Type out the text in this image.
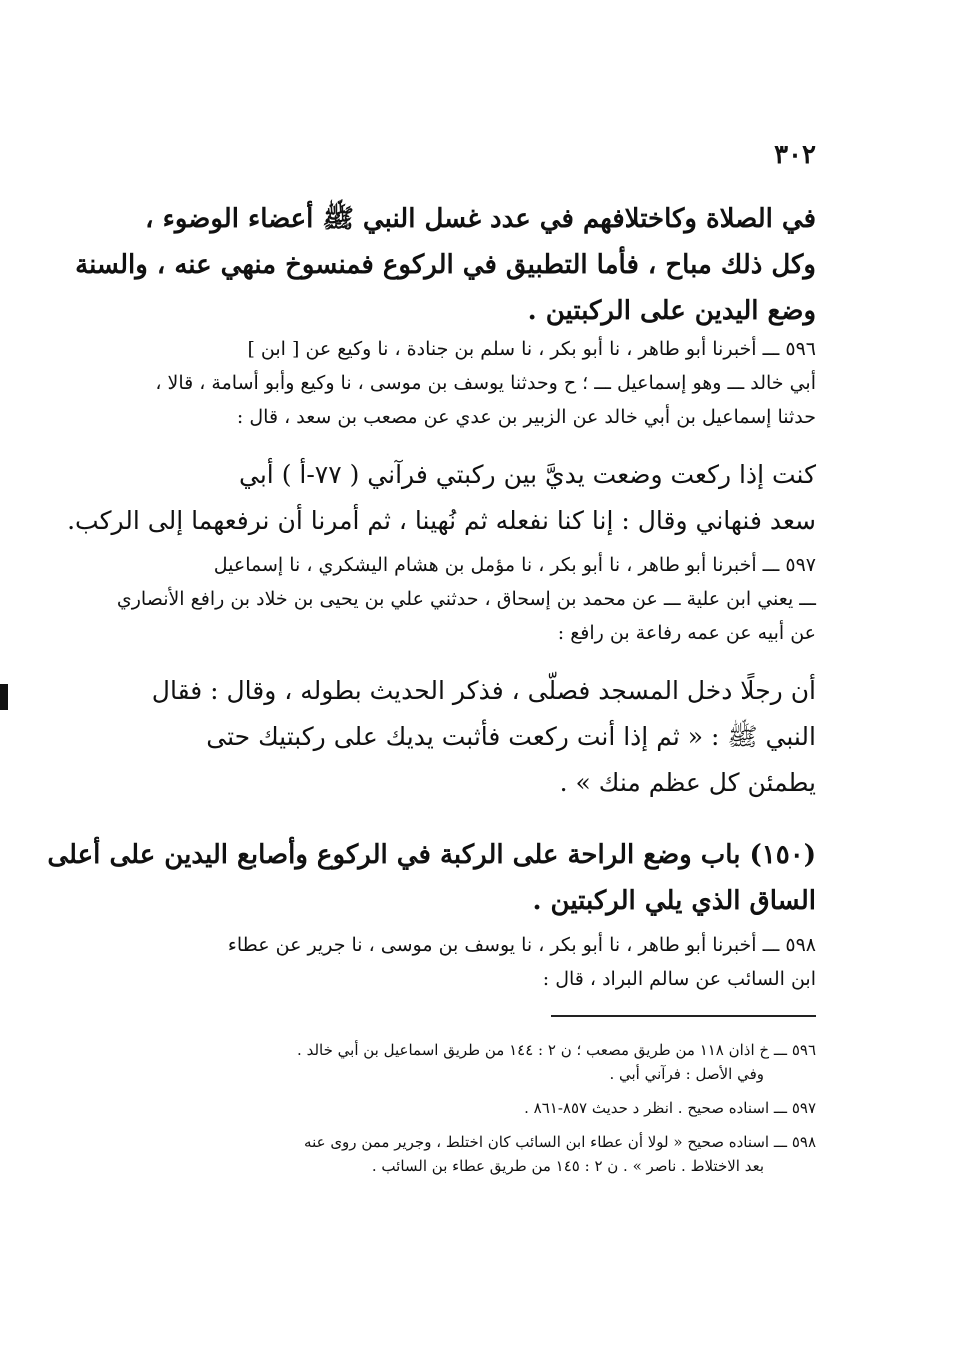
٣٠٢
في الصلاة وكاختلافهم في عدد غسل النبي ﷺ أعضاء الوضوء ،
وكل ذلك مباح ، فأما التطبيق في الركوع فمنسوخ منهي عنه ، والسنة
وضع اليدين على الركبتين .
٥٩٦ ـــ أخبرنا أبو طاهر ، نا أبو بكر ، نا سلم بن جنادة ، نا وكيع عن [ ابن ]
أبي خالد ـــ وهو إسماعيل ـــ ؛ ح وحدثنا يوسف بن موسى ، نا وكيع وأبو أسامة ، قالا ،
حدثنا إسماعيل بن أبي خالد عن الزبير بن عدي عن مصعب بن سعد ، قال :
كنت إذا ركعت وضعت يديَّ بين ركبتي فرآني ( ٧٧-أ ) أبي
سعد فنهاني وقال : إنا كنا نفعله ثم نُهينا ، ثم أمرنا أن نرفعهما إلى الركب.
٥٩٧ ـــ أخبرنا أبو طاهر ، نا أبو بكر ، نا مؤمل بن هشام اليشكري ، نا إسماعيل
ـــ يعني ابن علية ـــ عن محمد بن إسحاق ، حدثني علي بن يحيى بن خلاد بن رافع الأنصاري
عن أبيه عن عمه رفاعة بن رافع :
أن رجلًا دخل المسجد فصلّى ، فذكر الحديث بطوله ، وقال : فقال
النبي ﷺ : « ثم إذا أنت ركعت فأثبت يديك على ركبتيك حتى
يطمئن كل عظم منك » .
(١٥٠) باب وضع الراحة على الركبة في الركوع وأصابع اليدين على أعلى
الساق الذي يلي الركبتين .
٥٩٨ ـــ أخبرنا أبو طاهر ، نا أبو بكر ، نا يوسف بن موسى ، نا جرير عن عطاء
ابن السائب عن سالم البراد ، قال :
٥٩٦ ـــ خ اذان ١١٨ من طريق مصعب ؛ ن ٢ : ١٤٤ من طريق اسماعيل بن أبي خالد .
وفي الأصل : فرآني أبي .
٥٩٧ ـــ اسناده صحيح . انظر د حديث ٨٥٧-٨٦١ .
٥٩٨ ـــ اسناده صحيح « لولا أن عطاء ابن السائب كان اختلط ، وجرير ممن روى عنه
بعد الاختلاط . ناصر » . ن ٢ : ١٤٥ من طريق عطاء بن السائب .
